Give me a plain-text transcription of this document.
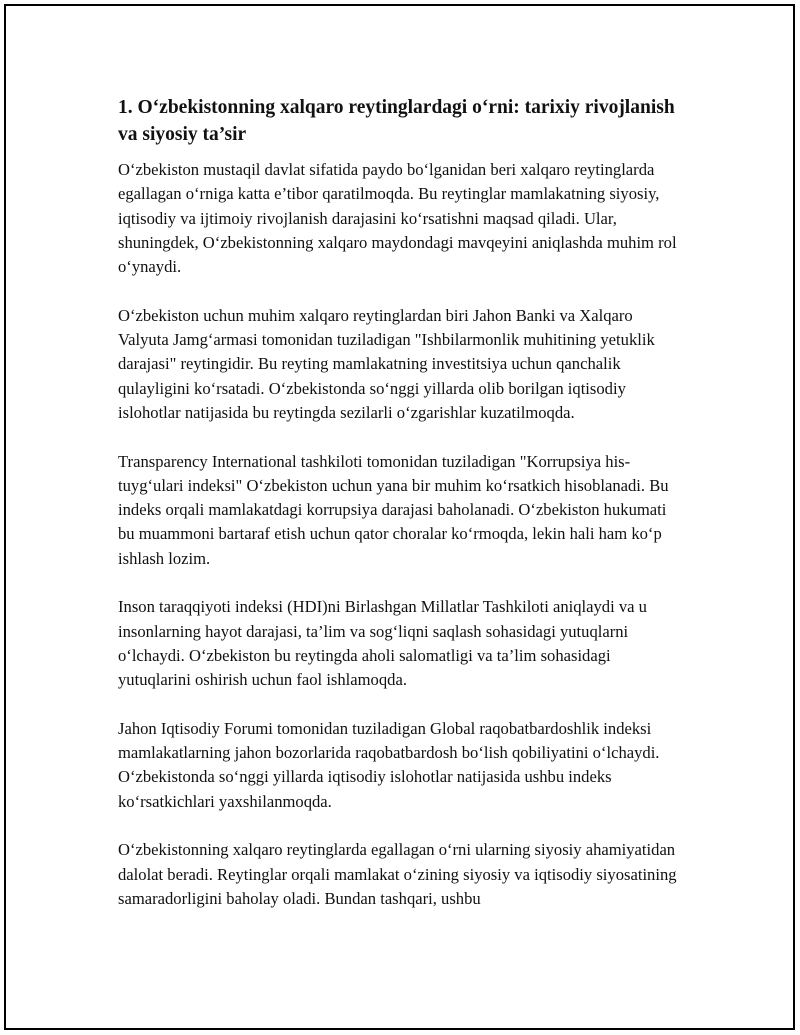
1. O‘zbekistonning xalqaro reytinglardagi o‘rni: tarixiy rivojlanish va siyosiy ta’sir

O‘zbekiston mustaqil davlat sifatida paydo bo‘lganidan beri xalqaro reytinglarda egallagan o‘rniga katta e’tibor qaratilmoqda. Bu reytinglar mamlakatning siyosiy, iqtisodiy va ijtimoiy rivojlanish darajasini ko‘rsatishni maqsad qiladi. Ular, shuningdek, O‘zbekistonning xalqaro maydondagi mavqeyini aniqlashda muhim rol o‘ynaydi.

O‘zbekiston uchun muhim xalqaro reytinglardan biri Jahon Banki va Xalqaro Valyuta Jamg‘armasi tomonidan tuziladigan "Ishbilarmonlik muhitining yetuklik darajasi" reytingidir. Bu reyting mamlakatning investitsiya uchun qanchalik qulayligini ko‘rsatadi. O‘zbekistonda so‘nggi yillarda olib borilgan iqtisodiy islohotlar natijasida bu reytingda sezilarli o‘zgarishlar kuzatilmoqda.

Transparency International tashkiloti tomonidan tuziladigan "Korrupsiya his-tuyg‘ulari indeksi" O‘zbekiston uchun yana bir muhim ko‘rsatkich hisoblanadi. Bu indeks orqali mamlakatdagi korrupsiya darajasi baholanadi. O‘zbekiston hukumati bu muammoni bartaraf etish uchun qator choralar ko‘rmoqda, lekin hali ham ko‘p ishlash lozim.

Inson taraqqiyoti indeksi (HDI)ni Birlashgan Millatlar Tashkiloti aniqlaydi va u insonlarning hayot darajasi, ta’lim va sog‘liqni saqlash sohasidagi yutuqlarni o‘lchaydi. O‘zbekiston bu reytingda aholi salomatligi va ta’lim sohasidagi yutuqlarini oshirish uchun faol ishlamoqda.

Jahon Iqtisodiy Forumi tomonidan tuziladigan Global raqobatbardoshlik indeksi mamlakatlarning jahon bozorlarida raqobatbardosh bo‘lish qobiliyatini o‘lchaydi. O‘zbekistonda so‘nggi yillarda iqtisodiy islohotlar natijasida ushbu indeks ko‘rsatkichlari yaxshilanmoqda.

O‘zbekistonning xalqaro reytinglarda egallagan o‘rni ularning siyosiy ahamiyatidan dalolat beradi. Reytinglar orqali mamlakat o‘zining siyosiy va iqtisodiy siyosatining samaradorligini baholay oladi. Bundan tashqari, ushbu
